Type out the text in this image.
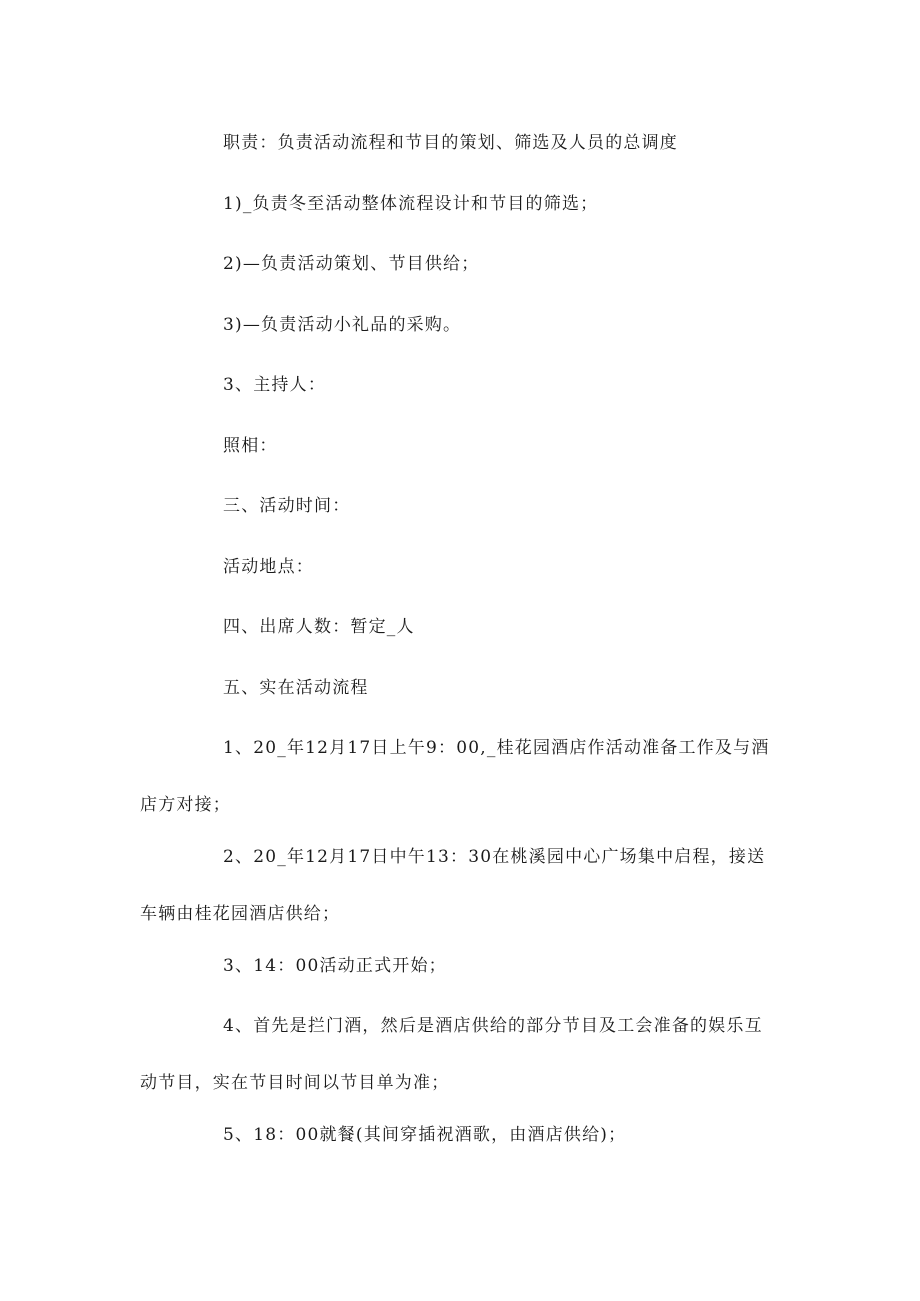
职责：负责活动流程和节目的策划、筛选及人员的总调度
1)_负责冬至活动整体流程设计和节目的筛选；
2)—负责活动策划、节目供给；
3)—负责活动小礼品的采购。
3、主持人：
照相：
三、活动时间：
活动地点：
四、出席人数：暂定_人
五、实在活动流程
1、20_年12月17日上午9：00,_桂花园酒店作活动准备工作及与酒店方对接；
2、20_年12月17日中午13：30在桃溪园中心广场集中启程，接送车辆由桂花园酒店供给；
3、14：00活动正式开始；
4、首先是拦门酒，然后是酒店供给的部分节目及工会准备的娱乐互动节目，实在节目时间以节目单为准；
5、18：00就餐(其间穿插祝酒歌，由酒店供给)；
